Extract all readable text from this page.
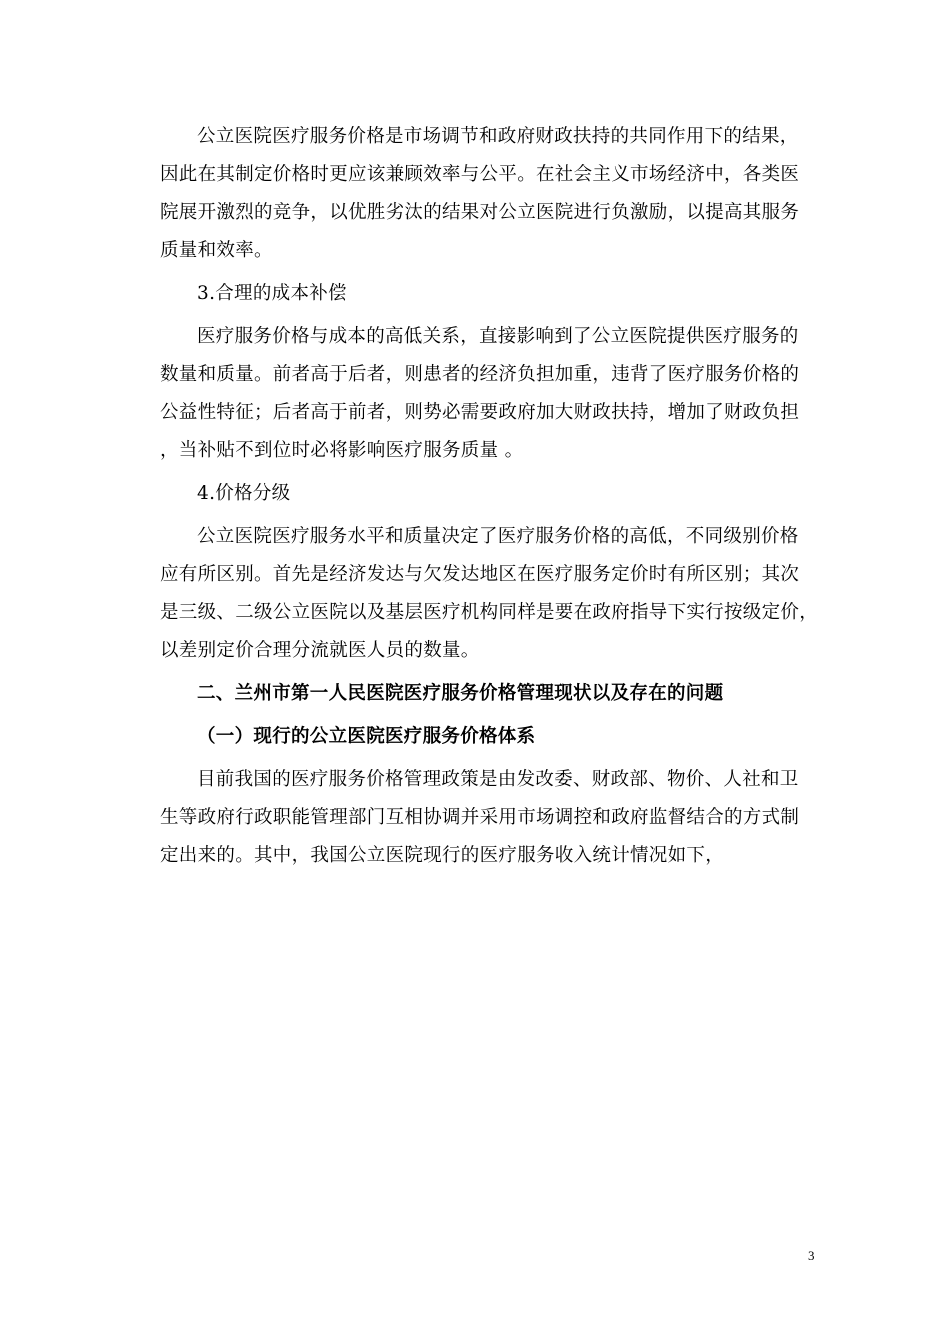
公立医院医疗服务价格是市场调节和政府财政扶持的共同作用下的结果，
因此在其制定价格时更应该兼顾效率与公平。在社会主义市场经济中，各类医
院展开激烈的竞争，以优胜劣汰的结果对公立医院进行负激励，以提高其服务
质量和效率。
3.合理的成本补偿
医疗服务价格与成本的高低关系，直接影响到了公立医院提供医疗服务的
数量和质量。前者高于后者，则患者的经济负担加重，违背了医疗服务价格的
公益性特征；后者高于前者，则势必需要政府加大财政扶持，增加了财政负担
，当补贴不到位时必将影响医疗服务质量 。
4.价格分级
公立医院医疗服务水平和质量决定了医疗服务价格的高低，不同级别价格
应有所区别。首先是经济发达与欠发达地区在医疗服务定价时有所区别；其次
是三级、二级公立医院以及基层医疗机构同样是要在政府指导下实行按级定价，
以差别定价合理分流就医人员的数量。
二、兰州市第一人民医院医疗服务价格管理现状以及存在的问题
（一）现行的公立医院医疗服务价格体系
目前我国的医疗服务价格管理政策是由发改委、财政部、物价、人社和卫
生等政府行政职能管理部门互相协调并采用市场调控和政府监督结合的方式制
定出来的。其中，我国公立医院现行的医疗服务收入统计情况如下，
3
